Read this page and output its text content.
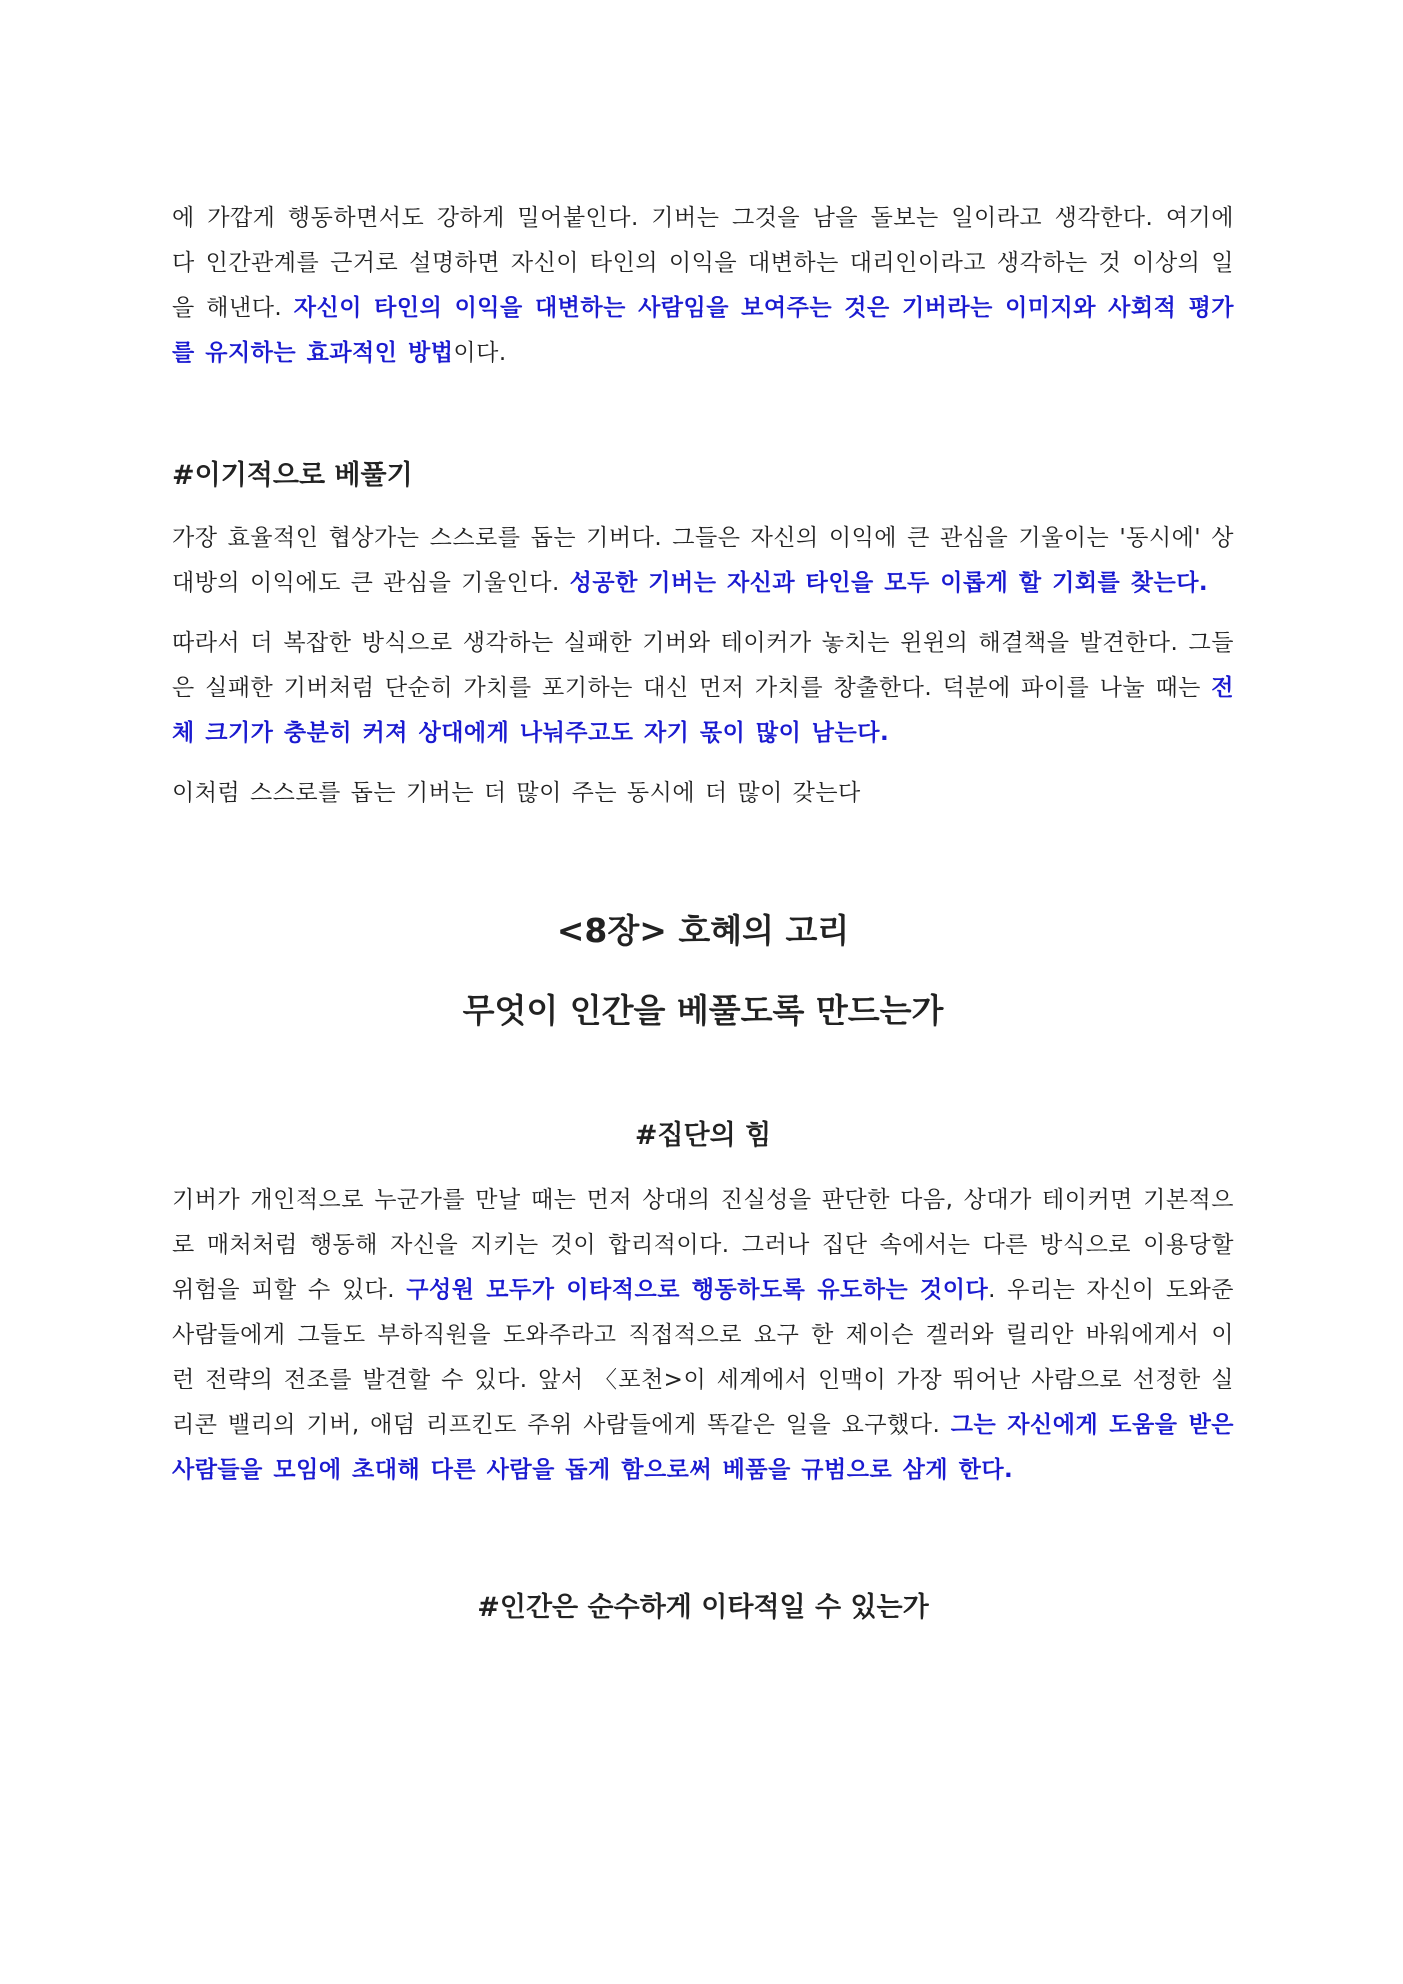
에 가깝게 행동하면서도 강하게 밀어붙인다. 기버는 그것을 남을 돌보는 일이라고 생각한다. 여기에 다 인간관계를 근거로 설명하면 자신이 타인의 이익을 대변하는 대리인이라고 생각하는 것 이상의 일을 해낸다. 자신이 타인의 이익을 대변하는 사람임을 보여주는 것은 기버라는 이미지와 사회적 평가를 유지하는 효과적인 방법이다.

#이기적으로 베풀기

가장 효율적인 협상가는 스스로를 돕는 기버다. 그들은 자신의 이익에 큰 관심을 기울이는 '동시에' 상대방의 이익에도 큰 관심을 기울인다. 성공한 기버는 자신과 타인을 모두 이롭게 할 기회를 찾는다.

따라서 더 복잡한 방식으로 생각하는 실패한 기버와 테이커가 놓치는 윈윈의 해결책을 발견한다. 그들은 실패한 기버처럼 단순히 가치를 포기하는 대신 먼저 가치를 창출한다. 덕분에 파이를 나눌 때는 전체 크기가 충분히 커져 상대에게 나눠주고도 자기 몫이 많이 남는다.

이처럼 스스로를 돕는 기버는 더 많이 주는 동시에 더 많이 갖는다

<8장> 호혜의 고리
무엇이 인간을 베풀도록 만드는가
#집단의 힘

기버가 개인적으로 누군가를 만날 때는 먼저 상대의 진실성을 판단한 다음, 상대가 테이커면 기본적으로 매처처럼 행동해 자신을 지키는 것이 합리적이다. 그러나 집단 속에서는 다른 방식으로 이용당할 위험을 피할 수 있다. 구성원 모두가 이타적으로 행동하도록 유도하는 것이다. 우리는 자신이 도와준 사람들에게 그들도 부하직원을 도와주라고 직접적으로 요구 한 제이슨 겔러와 릴리안 바워에게서 이런 전략의 전조를 발견할 수 있다. 앞서 〈포천>이 세계에서 인맥이 가장 뛰어난 사람으로 선정한 실리콘 밸리의 기버, 애덤 리프킨도 주위 사람들에게 똑같은 일을 요구했다. 그는 자신에게 도움을 받은 사람들을 모임에 초대해 다른 사람을 돕게 함으로써 베품을 규범으로 삼게 한다.

#인간은 순수하게 이타적일 수 있는가
